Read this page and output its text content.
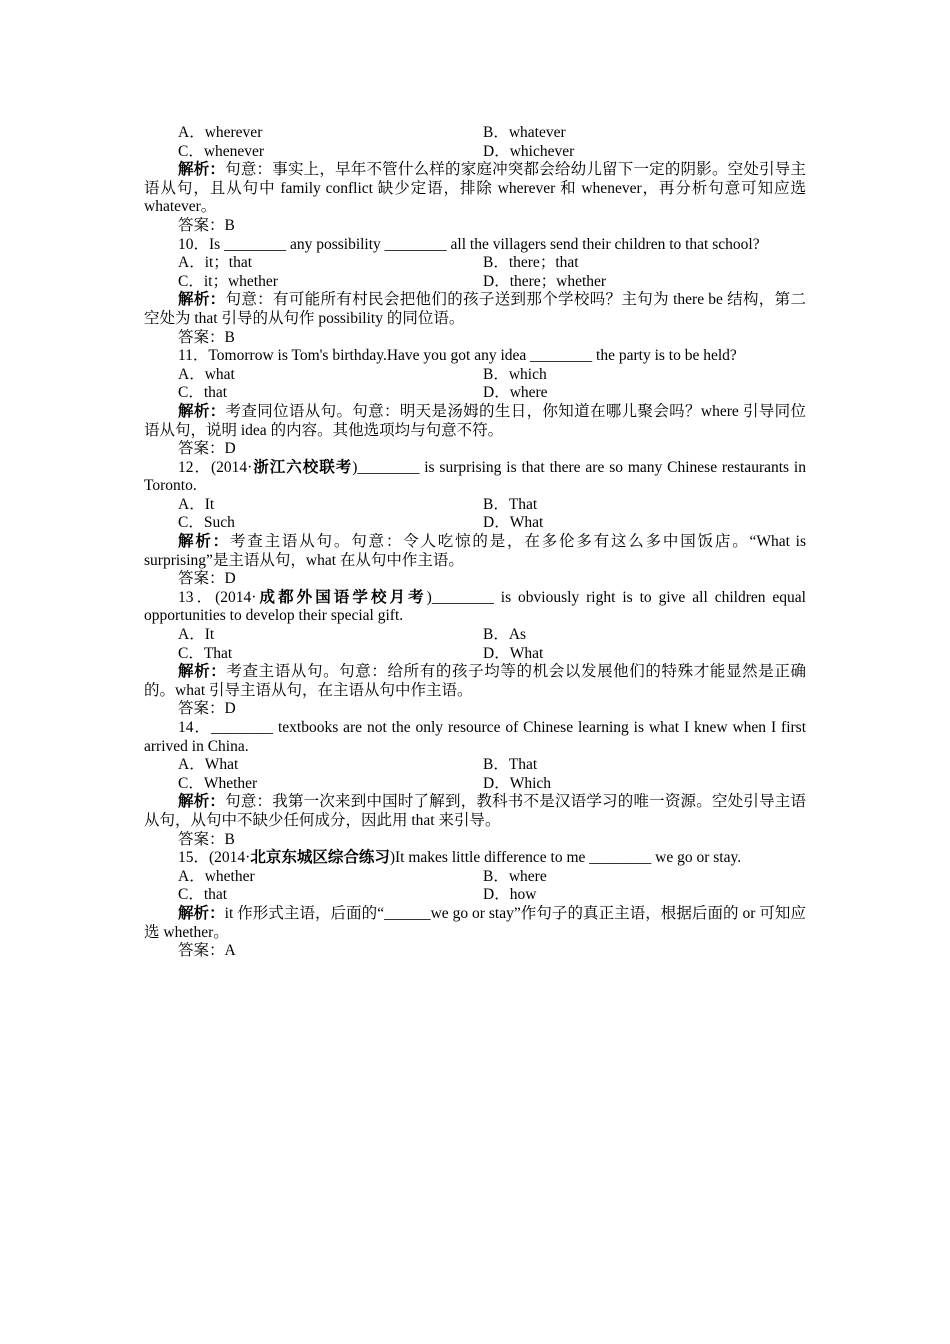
A．wherever	B．whatever
C．whenever	D．whichever
解析：句意：事实上，早年不管什么样的家庭冲突都会给幼儿留下一定的阴影。空处引导主语从句，且从句中 family conflict 缺少定语，排除 wherever 和 whenever，再分析句意可知应选 whatever。
答案：B
10．Is ________ any possibility ________ all the villagers send their children to that school?
A．it；that	B．there；that
C．it；whether	D．there；whether
解析：句意：有可能所有村民会把他们的孩子送到那个学校吗？主句为 there be 结构，第二空处为 that 引导的从句作 possibility 的同位语。
答案：B
11．Tomorrow is Tom's birthday.Have you got any idea ________ the party is to be held?
A．what	B．which
C．that	D．where
解析：考查同位语从句。句意：明天是汤姆的生日，你知道在哪儿聚会吗？where 引导同位语从句，说明 idea 的内容。其他选项均与句意不符。
答案：D
12．(2014·浙江六校联考)________ is surprising is that there are so many Chinese restaurants in Toronto.
A．It	B．That
C．Such	D．What
解析：考查主语从句。句意：令人吃惊的是，在多伦多有这么多中国饭店。“What is surprising”是主语从句，what 在从句中作主语。
答案：D
13．(2014·成都外国语学校月考)________ is obviously right is to give all children equal opportunities to develop their special gift.
A．It	B．As
C．That	D．What
解析：考查主语从句。句意：给所有的孩子均等的机会以发展他们的特殊才能显然是正确的。what 引导主语从句，在主语从句中作主语。
答案：D
14．________ textbooks are not the only resource of Chinese learning is what I knew when I first arrived in China.
A．What	B．That
C．Whether	D．Which
解析：句意：我第一次来到中国时了解到，教科书不是汉语学习的唯一资源。空处引导主语从句，从句中不缺少任何成分，因此用 that 来引导。
答案：B
15．(2014·北京东城区综合练习)It makes little difference to me ________ we go or stay.
A．whether	B．where
C．that	D．how
解析：it 作形式主语，后面的“______we go or stay”作句子的真正主语，根据后面的 or 可知应选 whether。
答案：A
